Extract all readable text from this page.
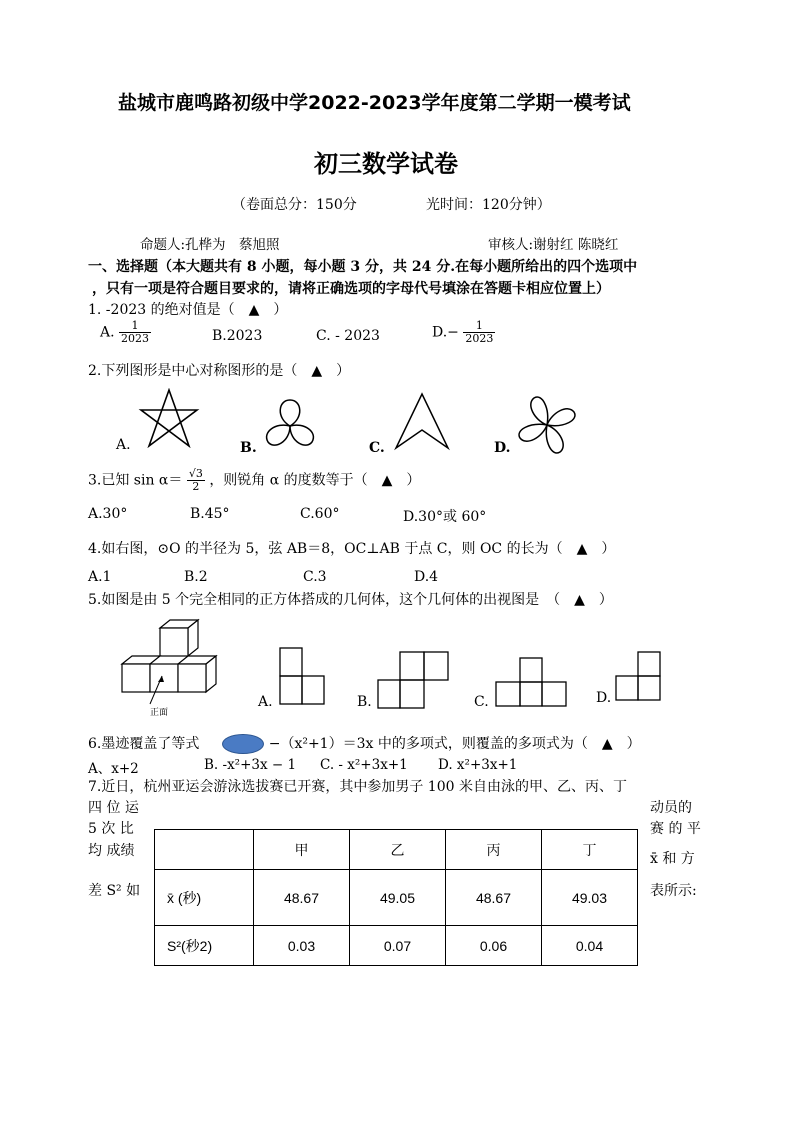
盐城市鹿鸣路初级中学2022-2023学年度第二学期一模考试
初三数学试卷
（卷面总分：150分	光时间：120分钟）
命题人:孔桦为　蔡旭照	审核人:谢射红 陈晓红
一、选择题（本大题共有 8 小题，每小题 3 分，共 24 分.在每小题所给出的四个选项中
，只有一项是符合题目要求的，请将正确选项的字母代号填涂在答题卡相应位置上）
1. -2023 的绝对值是（　▲　）
A. $\frac{1}{2023}$	B.2023	C. - 2023	$D.- \frac{1}{2023}$
2.下列图形是中心对称图形的是（　▲　）
A.	B.	C.	D.
3.已知 $\sin \alpha= \frac{√3}{2}$ ，则锐角 α 的度数等于（　▲　）
A.30°	B.45°	C.60°	D.30°或 60°
4.如右图，⊙O 的半径为 5，弦 AB＝8，OC⊥AB 于点 C，则 OC 的长为（　▲　）
A.1	B.2	C.3	D.4
5.如图是由 5 个完全相同的正方体搭成的几何体，这个几何体的出视图是　（　▲　）
正面
A.	B.	C.	D.
6.墨迹覆盖了等式	−（x²+1）＝3x 中的多项式，则覆盖的多项式为（　▲　）
A、x+2	B. -x²+3x − 1 C. - x²+3x+1 D. x²+3x+1
7.近日，杭州亚运会游泳选拔赛已开赛，其中参加男子 100 米自由泳的甲、乙、丙、丁
四 位 运
5 次 比
均 成绩
差 S² 如
动员的
赛 的 平
x̄ 和 方
表所示:
	甲	乙	丙	丁
x̄ (秒)	48.67	49.05	48.67	49.03
S²(秒2)	0.03	0.07	0.06	0.04
